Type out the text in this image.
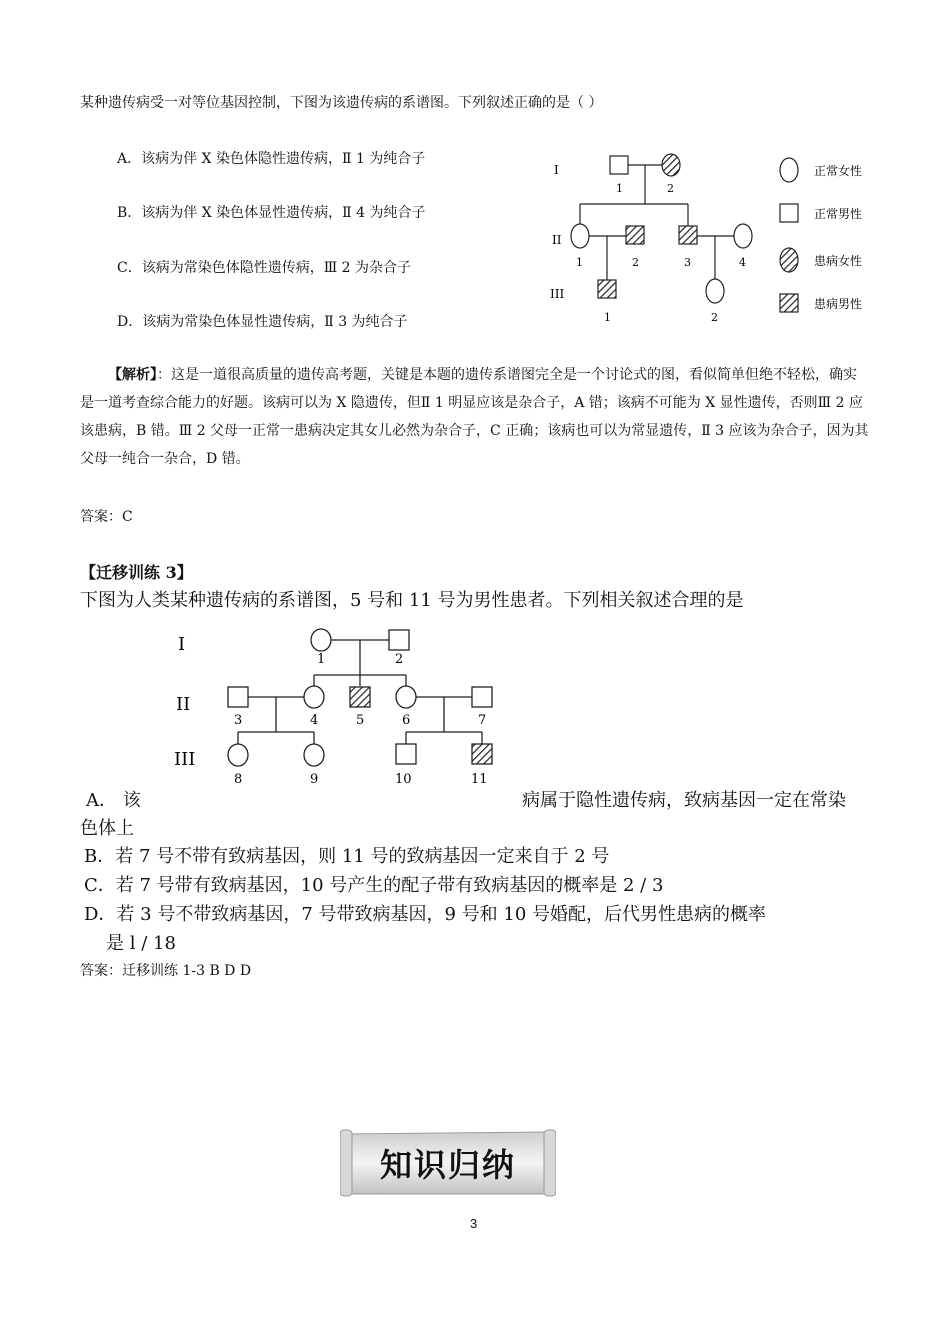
某种遗传病受一对等位基因控制，下图为该遗传病的系谱图。下列叙述正确的是（ ）
A．该病为伴 X 染色体隐性遗传病，Ⅱ 1 为纯合子
B．该病为伴 X 染色体显性遗传病，Ⅱ 4 为纯合子
C．该病为常染色体隐性遗传病，Ⅲ 2 为杂合子
D．该病为常染色体显性遗传病，Ⅱ 3 为纯合子
I
II
III
1	2
1	2	3	4
1	2
正常女性
正常男性
患病女性
患病男性

【解析】：这是一道很高质量的遗传高考题，关键是本题的遗传系谱图完全是一个讨论式的图，看似简单但绝不轻松，确实是一道考查综合能力的好题。该病可以为 X 隐遗传，但Ⅱ 1 明显应该是杂合子，A 错；该病不可能为 X 显性遗传，否则Ⅲ 2 应该患病，B 错。Ⅲ 2 父母一正常一患病决定其女儿必然为杂合子，C 正确；该病也可以为常显遗传，Ⅱ 3 应该为杂合子，因为其父母一纯合一杂合，D 错。

答案：C
【迁移训练 3】
下图为人类某种遗传病的系谱图，5 号和 11 号为男性患者。下列相关叙述合理的是
I
II
III
1	2
3	4	5	6	7
8	9	10	11
A． 该	病属于隐性遗传病，致病基因一定在常染
色体上
B．若 7 号不带有致病基因，则 11 号的致病基因一定来自于 2 号
C．若 7 号带有致病基因，10 号产生的配子带有致病基因的概率是 2 / 3
D．若 3 号不带致病基因，7 号带致病基因，9 号和 10 号婚配，后代男性患病的概率
是 l / 18
答案：迁移训练 1-3 B D D
知识归纳
3
